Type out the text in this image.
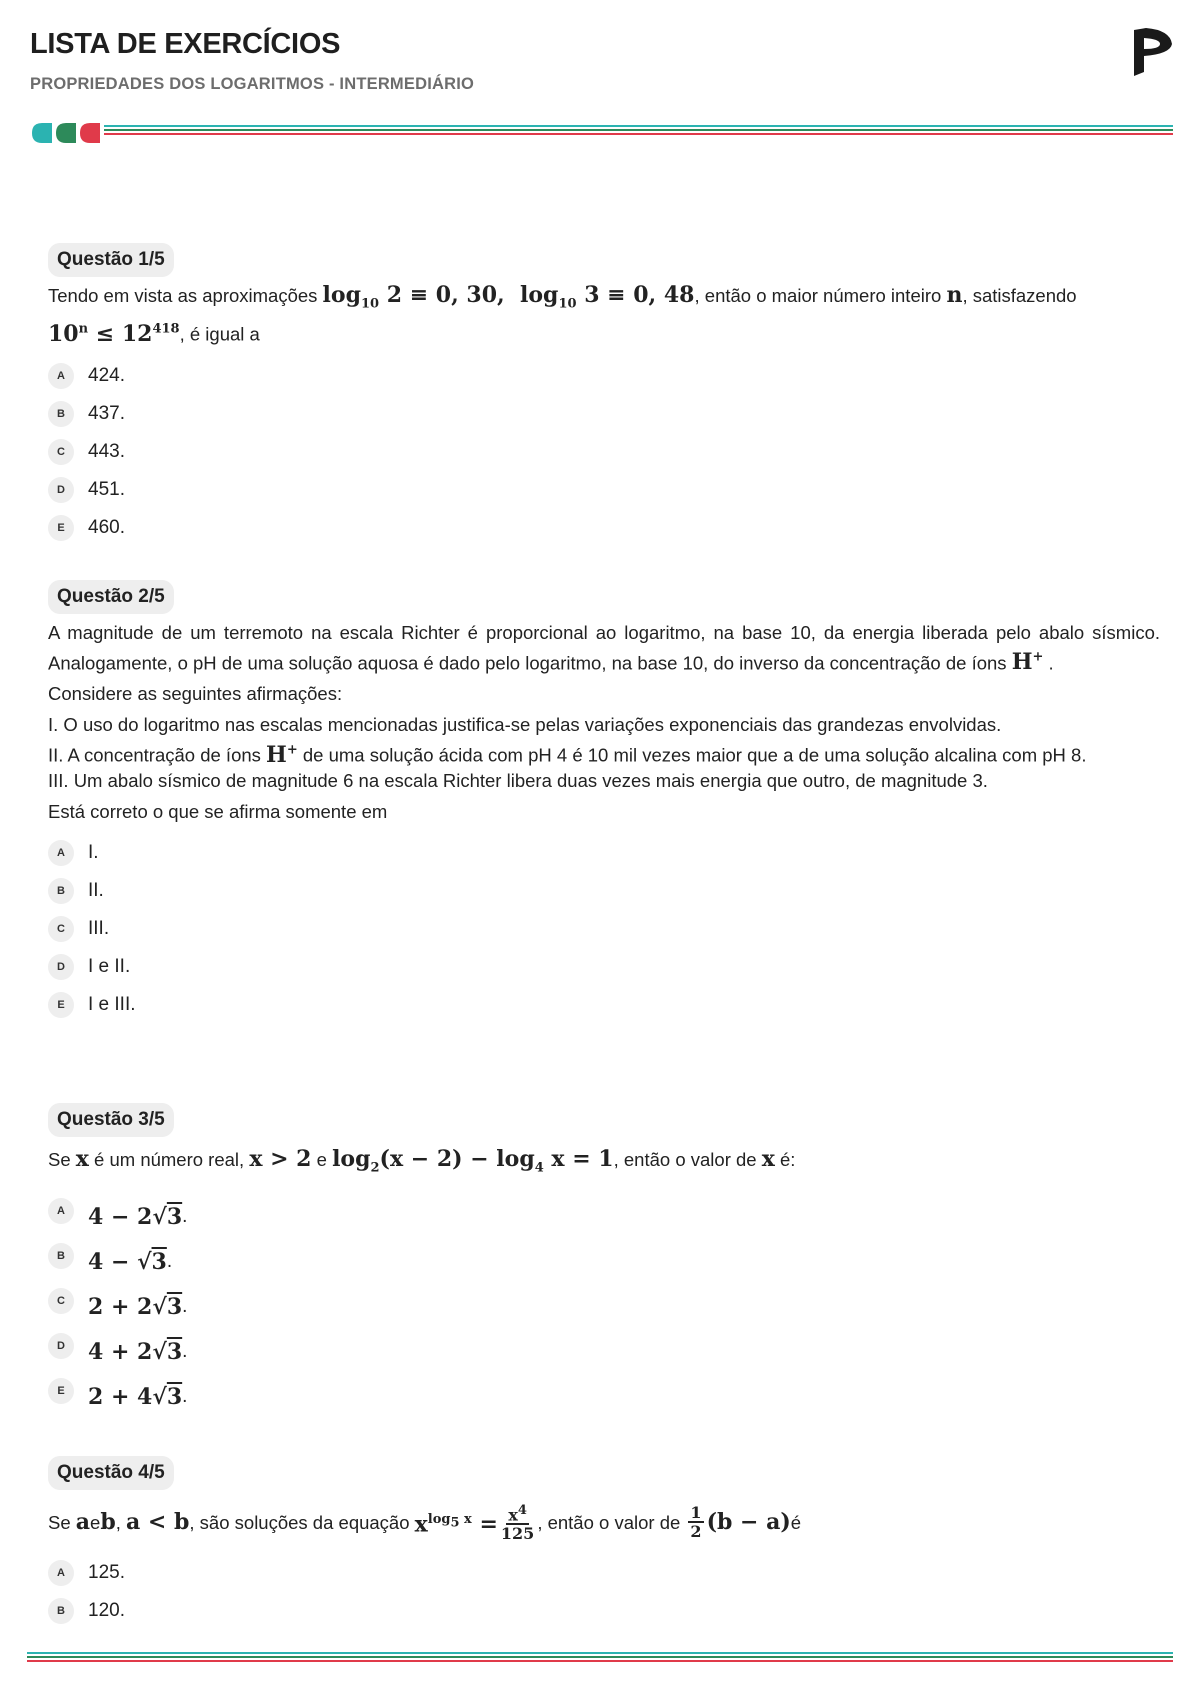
LISTA DE EXERCÍCIOS
PROPRIEDADES DOS LOGARITMOS - INTERMEDIÁRIO
Questão 1/5
Tendo em vista as aproximações $\log_{10} 2 \equiv 0$, 30, $\log_{10} 3 \equiv 0$, 48, então o maior número inteiro n, satisfazendo
$10^n \le 12^{418}$, é igual a
A	424.
B	437.
C	443.
D	451.
E	460.
Questão 2/5

A magnitude de um terremoto na escala Richter é proporcional ao logaritmo, na base 10, da energia liberada pelo abalo sísmico. Analogamente, o pH de uma solução aquosa é dado pelo logaritmo, na base 10, do inverso da concentração de íons H+ .

Considere as seguintes afirmações:

I. O uso do logaritmo nas escalas mencionadas justifica-se pelas variações exponenciais das grandezas envolvidas.

II. A concentração de íons H+ de uma solução ácida com pH 4 é 10 mil vezes maior que a de uma solução alcalina com pH 8.

III. Um abalo sísmico de magnitude 6 na escala Richter libera duas vezes mais energia que outro, de magnitude 3.

Está correto o que se afirma somente em

A	I.
B	II.
C	III.
D	I e II.
E	I e III.
Questão 3/5
Se x é um número real, x > 2 e $\log_2(x - 2) - \log_4 x = 1$, então o valor de x é:
A	4 − 2√3 .
B	4 − √3 .
C	2 + 2√3 .
D	4 + 2√3 .
E	2 + 4√3 .
Questão 4/5
Se
a e b ,
a < b , são soluções da equação
$x^{log_5 x} = \frac{x^4}{125}$ , então o valor de
$\frac{1}{2} (b - a)$ é
A	125.
B	120.
